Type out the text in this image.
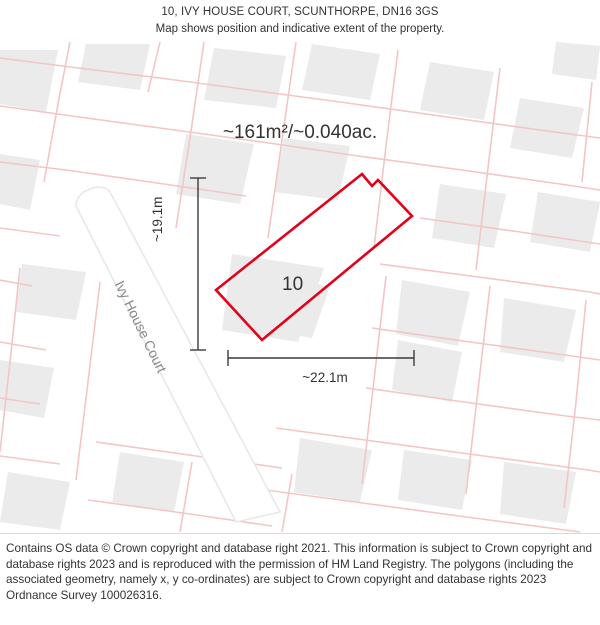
10, IVY HOUSE COURT, SCUNTHORPE, DN16 3GS
Map shows position and indicative extent of the property.
~161m²/~0.040ac.
10
~22.1m
~19.1m
Ivy House Court

Contains OS data © Crown copyright and database right 2021. This information is subject to Crown copyright and database rights 2023 and is reproduced with the permission of HM Land Registry. The polygons (including the associated geometry, namely x, y co-ordinates) are subject to Crown copyright and database rights 2023 Ordnance Survey 100026316.
